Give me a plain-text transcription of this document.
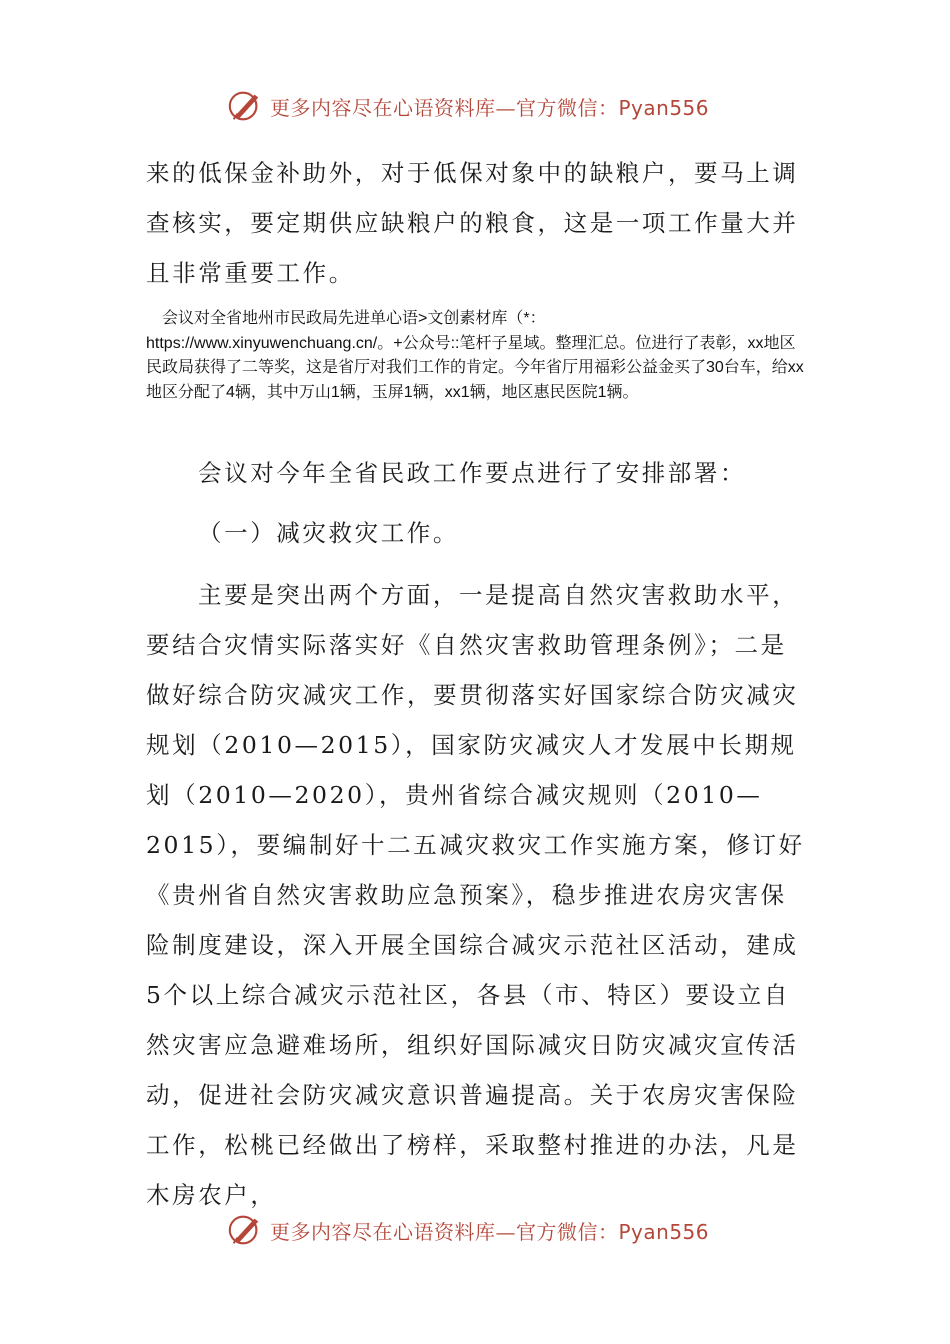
更多内容尽在心语资料库—官方微信：Pyan556
来的低保金补助外，对于低保对象中的缺粮户，要马上调查核实，要定期供应缺粮户的粮食，这是一项工作量大并且非常重要工作。

会议对全省地州市民政局先进单心语>文创素材库（*：

https://www.xinyuwenchuang.cn/。+公众号::笔杆子星域。整理汇总。位进行了表彰，xx地区民政局获得了二等奖，这是省厅对我们工作的肯定。今年省厅用福彩公益金买了30台车，给xx地区分配了4辆，其中万山1辆，玉屏1辆，xx1辆，地区惠民医院1辆。

会议对今年全省民政工作要点进行了安排部署：

（一）减灾救灾工作。

主要是突出两个方面，一是提高自然灾害救助水平，要结合灾情实际落实好《自然灾害救助管理条例》；二是做好综合防灾减灾工作，要贯彻落实好国家综合防灾减灾规划（2010—2015），国家防灾减灾人才发展中长期规划（2010—2020），贵州省综合减灾规则（2010—2015），要编制好十二五减灾救灾工作实施方案，修订好《贵州省自然灾害救助应急预案》，稳步推进农房灾害保险制度建设，深入开展全国综合减灾示范社区活动，建成5个以上综合减灾示范社区，各县（市、特区）要设立自然灾害应急避难场所，组织好国际减灾日防灾减灾宣传活动，促进社会防灾减灾意识普遍提高。关于农房灾害保险工作，松桃已经做出了榜样，采取整村推进的办法，凡是木房农户，

更多内容尽在心语资料库—官方微信：Pyan556
